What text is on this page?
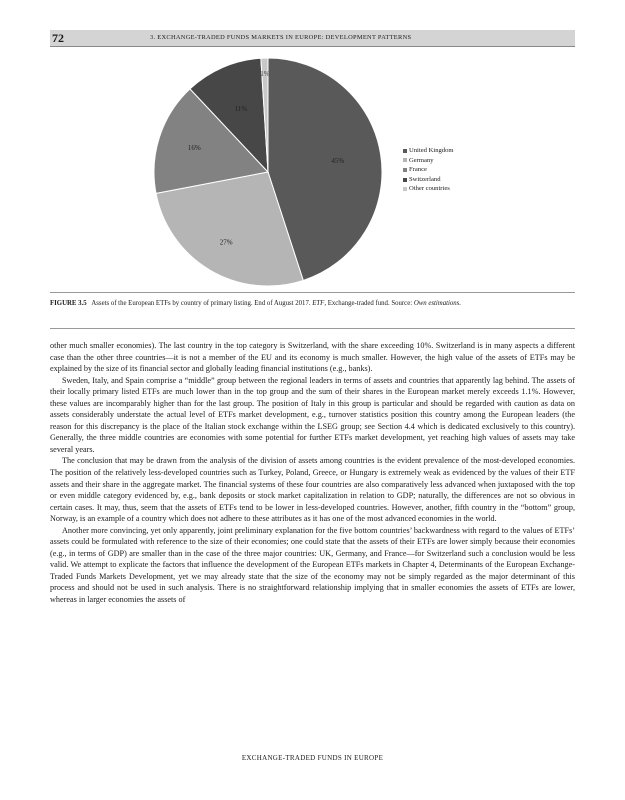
72	3. EXCHANGE-TRADED FUNDS MARKETS IN EUROPE: DEVELOPMENT PATTERNS
45%
27%
16%
11%
1%
United Kingdom
Germany
France
Switzerland
Other countries
FIGURE 3.5 Assets of the European ETFs by country of primary listing. End of August 2017. ETF, Exchange-traded fund. Source: Own estimations.

other much smaller economies). The last country in the top category is Switzerland, with the share exceeding 10%. Switzerland is in many aspects a different case than the other three countries—it is not a member of the EU and its economy is much smaller. However, the high value of the assets of ETFs may be explained by the size of its financial sector and globally leading financial institutions (e.g., banks).

Sweden, Italy, and Spain comprise a “middle” group between the regional leaders in terms of assets and countries that apparently lag behind. The assets of their locally primary listed ETFs are much lower than in the top group and the sum of their shares in the European market merely exceeds 1.1%. However, these values are incomparably higher than for the last group. The position of Italy in this group is particular and should be regarded with caution as data on assets considerably understate the actual level of ETFs market development, e.g., turnover statistics position this country among the European leaders (the reason for this discrepancy is the place of the Italian stock exchange within the LSEG group; see Section 4.4 which is dedicated exclusively to this country). Generally, the three middle countries are economies with some potential for further ETFs market development, yet reaching high values of assets may take several years.

The conclusion that may be drawn from the analysis of the division of assets among countries is the evident prevalence of the most-developed economies. The position of the relatively less-developed countries such as Turkey, Poland, Greece, or Hungary is extremely weak as evidenced by the values of their ETF assets and their share in the aggregate market. The financial systems of these four countries are also comparatively less advanced when juxtaposed with the top or even middle category evidenced by, e.g., bank deposits or stock market capitalization in relation to GDP; naturally, the differences are not so obvious in certain cases. It may, thus, seem that the assets of ETFs tend to be lower in less-developed countries. However, another, fifth country in the “bottom” group, Norway, is an example of a country which does not adhere to these attributes as it has one of the most advanced economies in the world.

Another more convincing, yet only apparently, joint preliminary explanation for the five bottom countries’ backwardness with regard to the values of ETFs’ assets could be formulated with reference to the size of their economies; one could state that the assets of their ETFs are lower simply because their economies (e.g., in terms of GDP) are smaller than in the case of the three major countries: UK, Germany, and France—for Switzerland such a conclusion would be less valid. We attempt to explicate the factors that influence the development of the European ETFs markets in Chapter 4, Determinants of the European Exchange-Traded Funds Markets Development, yet we may already state that the size of the economy may not be simply regarded as the major determinant of this process and should not be used in such analysis. There is no straightforward relationship implying that in smaller economies the assets of ETFs are lower, whereas in larger economies the assets of

EXCHANGE-TRADED FUNDS IN EUROPE
